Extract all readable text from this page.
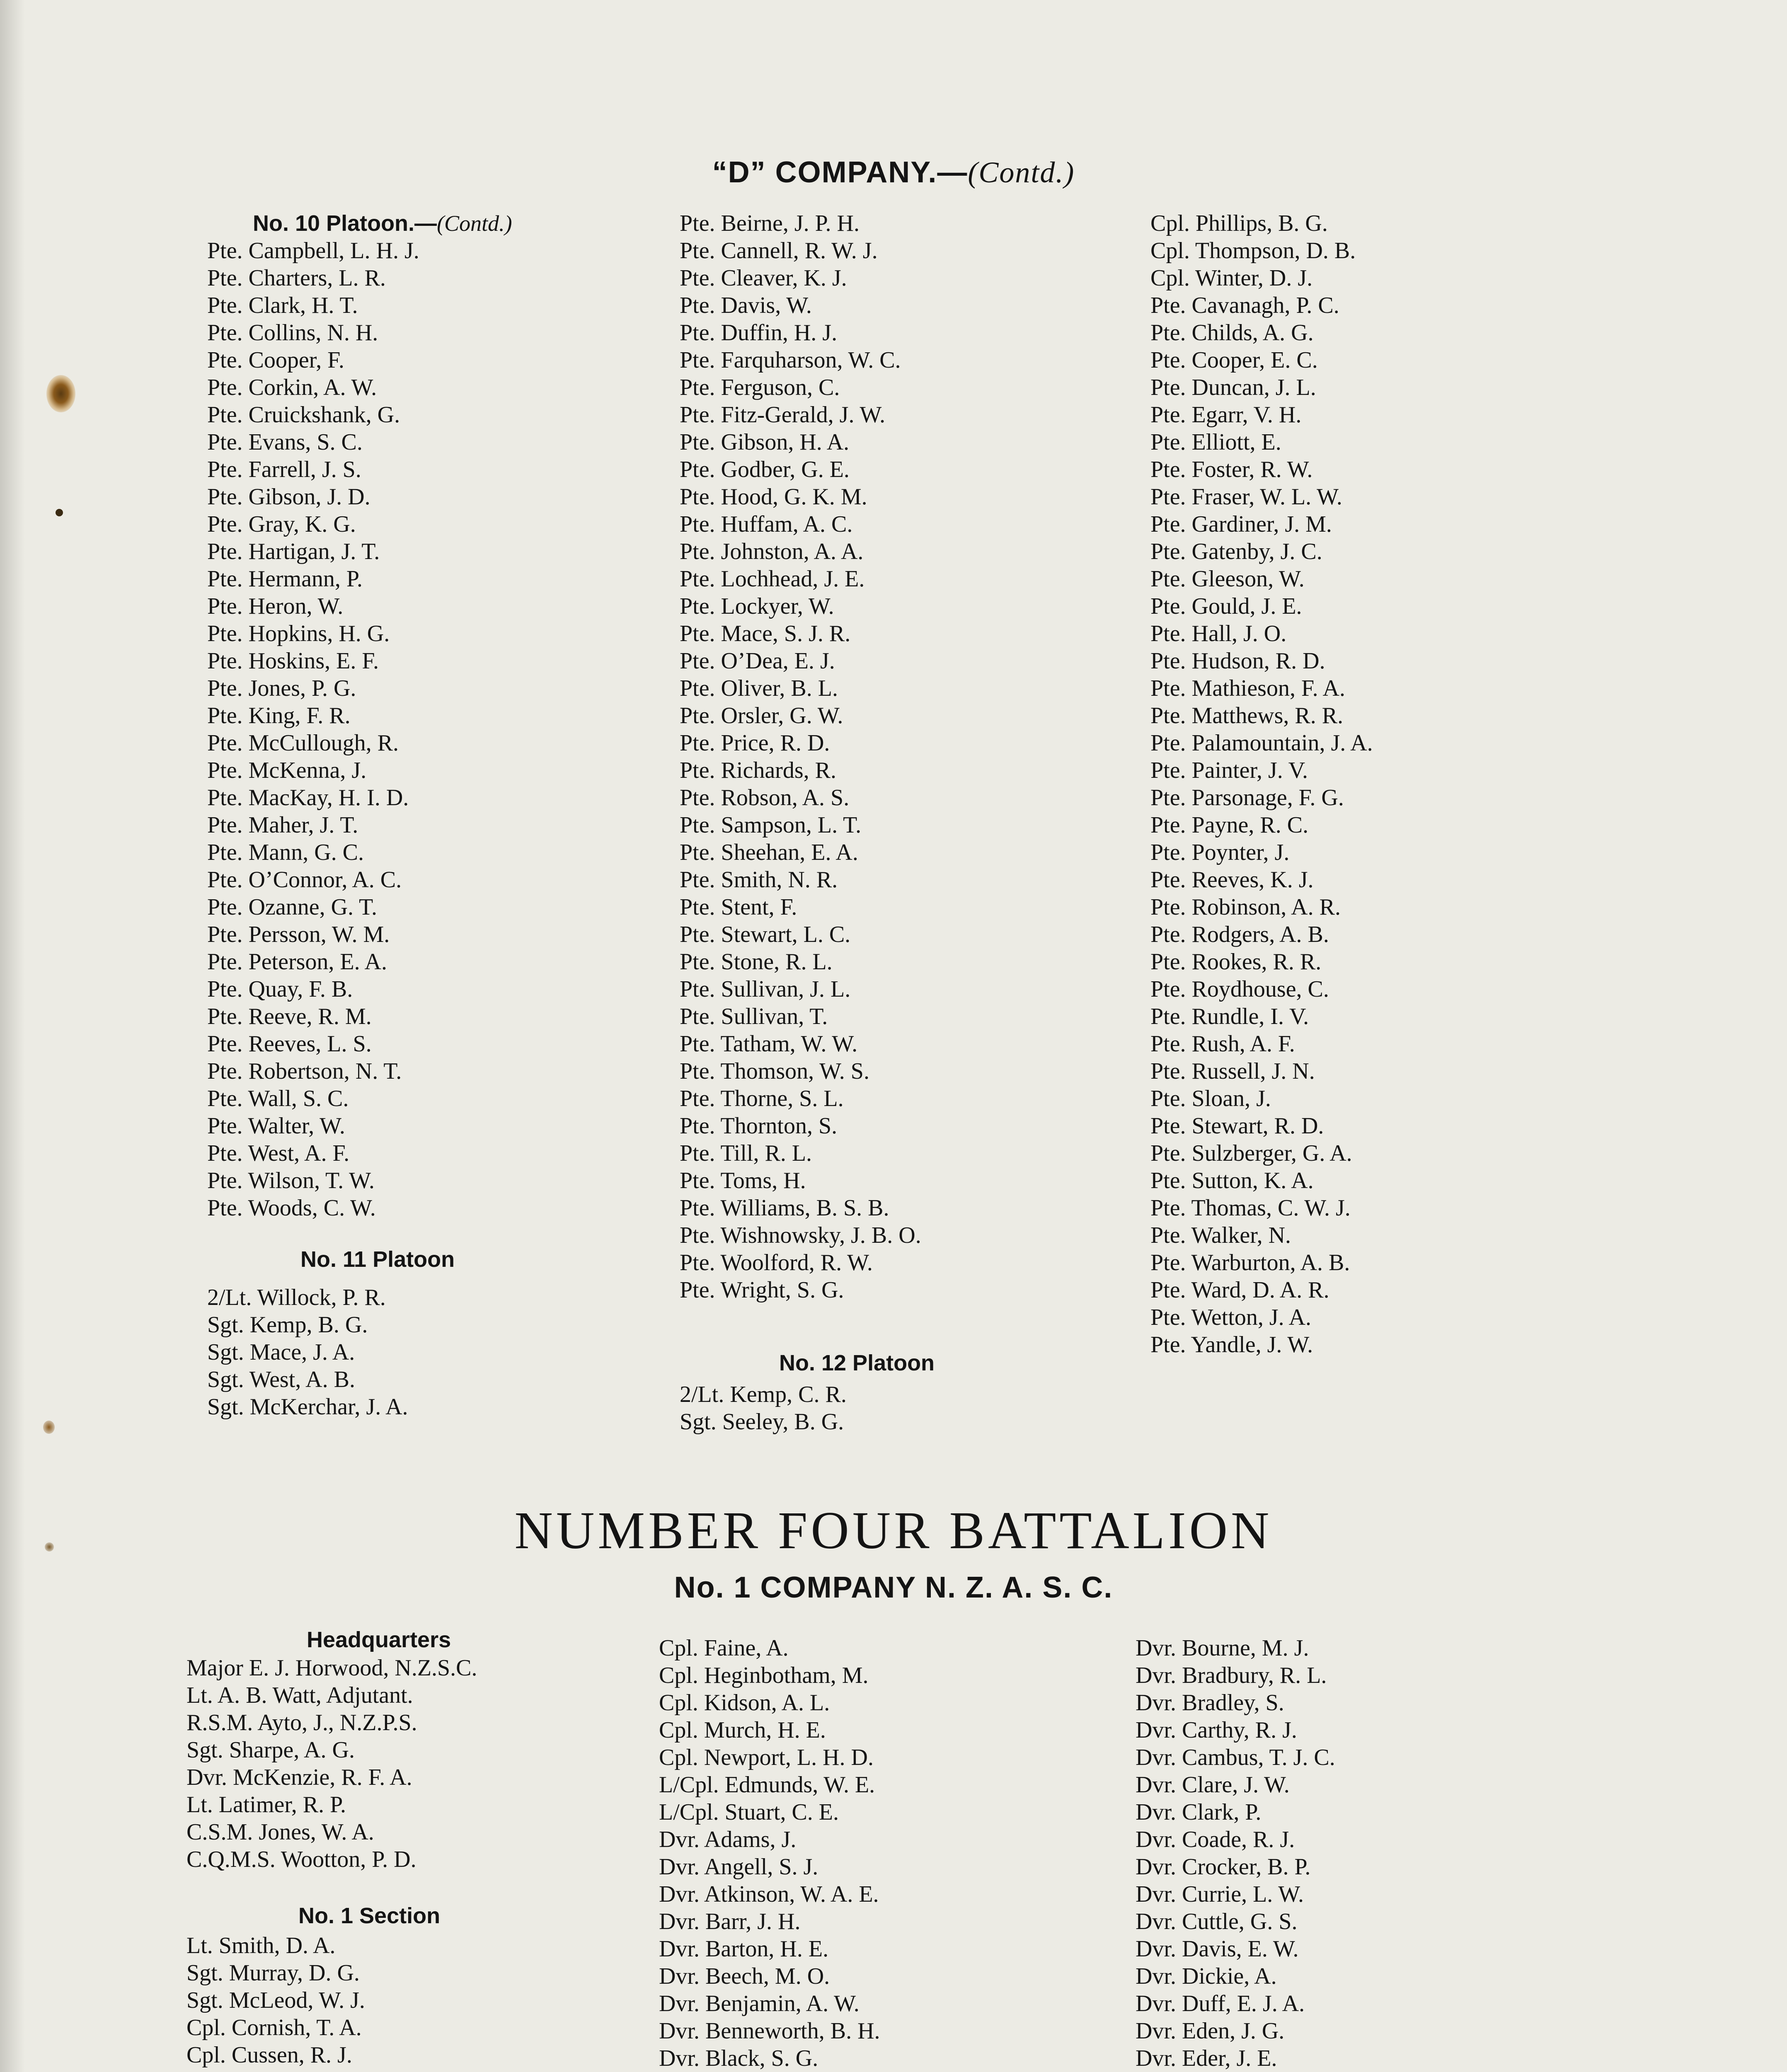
“D” COMPANY.—(Contd.)
No. 10 Platoon.—(Contd.)
Pte. Campbell, L. H. J.
Pte. Charters, L. R.
Pte. Clark, H. T.
Pte. Collins, N. H.
Pte. Cooper, F.
Pte. Corkin, A. W.
Pte. Cruickshank, G.
Pte. Evans, S. C.
Pte. Farrell, J. S.
Pte. Gibson, J. D.
Pte. Gray, K. G.
Pte. Hartigan, J. T.
Pte. Hermann, P.
Pte. Heron, W.
Pte. Hopkins, H. G.
Pte. Hoskins, E. F.
Pte. Jones, P. G.
Pte. King, F. R.
Pte. McCullough, R.
Pte. McKenna, J.
Pte. MacKay, H. I. D.
Pte. Maher, J. T.
Pte. Mann, G. C.
Pte. O’Connor, A. C.
Pte. Ozanne, G. T.
Pte. Persson, W. M.
Pte. Peterson, E. A.
Pte. Quay, F. B.
Pte. Reeve, R. M.
Pte. Reeves, L. S.
Pte. Robertson, N. T.
Pte. Wall, S. C.
Pte. Walter, W.
Pte. West, A. F.
Pte. Wilson, T. W.
Pte. Woods, C. W.
No. 11 Platoon
2/Lt. Willock, P. R.
Sgt. Kemp, B. G.
Sgt. Mace, J. A.
Sgt. West, A. B.
Sgt. McKerchar, J. A.
Pte. Beirne, J. P. H.
Pte. Cannell, R. W. J.
Pte. Cleaver, K. J.
Pte. Davis, W.
Pte. Duffin, H. J.
Pte. Farquharson, W. C.
Pte. Ferguson, C.
Pte. Fitz-Gerald, J. W.
Pte. Gibson, H. A.
Pte. Godber, G. E.
Pte. Hood, G. K. M.
Pte. Huffam, A. C.
Pte. Johnston, A. A.
Pte. Lochhead, J. E.
Pte. Lockyer, W.
Pte. Mace, S. J. R.
Pte. O’Dea, E. J.
Pte. Oliver, B. L.
Pte. Orsler, G. W.
Pte. Price, R. D.
Pte. Richards, R.
Pte. Robson, A. S.
Pte. Sampson, L. T.
Pte. Sheehan, E. A.
Pte. Smith, N. R.
Pte. Stent, F.
Pte. Stewart, L. C.
Pte. Stone, R. L.
Pte. Sullivan, J. L.
Pte. Sullivan, T.
Pte. Tatham, W. W.
Pte. Thomson, W. S.
Pte. Thorne, S. L.
Pte. Thornton, S.
Pte. Till, R. L.
Pte. Toms, H.
Pte. Williams, B. S. B.
Pte. Wishnowsky, J. B. O.
Pte. Woolford, R. W.
Pte. Wright, S. G.
No. 12 Platoon
2/Lt. Kemp, C. R.
Sgt. Seeley, B. G.
Cpl. Phillips, B. G.
Cpl. Thompson, D. B.
Cpl. Winter, D. J.
Pte. Cavanagh, P. C.
Pte. Childs, A. G.
Pte. Cooper, E. C.
Pte. Duncan, J. L.
Pte. Egarr, V. H.
Pte. Elliott, E.
Pte. Foster, R. W.
Pte. Fraser, W. L. W.
Pte. Gardiner, J. M.
Pte. Gatenby, J. C.
Pte. Gleeson, W.
Pte. Gould, J. E.
Pte. Hall, J. O.
Pte. Hudson, R. D.
Pte. Mathieson, F. A.
Pte. Matthews, R. R.
Pte. Palamountain, J. A.
Pte. Painter, J. V.
Pte. Parsonage, F. G.
Pte. Payne, R. C.
Pte. Poynter, J.
Pte. Reeves, K. J.
Pte. Robinson, A. R.
Pte. Rodgers, A. B.
Pte. Rookes, R. R.
Pte. Roydhouse, C.
Pte. Rundle, I. V.
Pte. Rush, A. F.
Pte. Russell, J. N.
Pte. Sloan, J.
Pte. Stewart, R. D.
Pte. Sulzberger, G. A.
Pte. Sutton, K. A.
Pte. Thomas, C. W. J.
Pte. Walker, N.
Pte. Warburton, A. B.
Pte. Ward, D. A. R.
Pte. Wetton, J. A.
Pte. Yandle, J. W.
NUMBER FOUR BATTALION
No. 1 COMPANY N. Z. A. S. C.
Headquarters
Major E. J. Horwood, N.Z.S.C.
Lt. A. B. Watt, Adjutant.
R.S.M. Ayto, J., N.Z.P.S.
Sgt. Sharpe, A. G.
Dvr. McKenzie, R. F. A.
Lt. Latimer, R. P.
C.S.M. Jones, W. A.
C.Q.M.S. Wootton, P. D.
No. 1 Section
Lt. Smith, D. A.
Sgt. Murray, D. G.
Sgt. McLeod, W. J.
Cpl. Cornish, T. A.
Cpl. Cussen, R. J.
Cpl. Faine, A.
Cpl. Heginbotham, M.
Cpl. Kidson, A. L.
Cpl. Murch, H. E.
Cpl. Newport, L. H. D.
L/Cpl. Edmunds, W. E.
L/Cpl. Stuart, C. E.
Dvr. Adams, J.
Dvr. Angell, S. J.
Dvr. Atkinson, W. A. E.
Dvr. Barr, J. H.
Dvr. Barton, H. E.
Dvr. Beech, M. O.
Dvr. Benjamin, A. W.
Dvr. Benneworth, B. H.
Dvr. Black, S. G.
Dvr. Bourne, M. J.
Dvr. Bradbury, R. L.
Dvr. Bradley, S.
Dvr. Carthy, R. J.
Dvr. Cambus, T. J. C.
Dvr. Clare, J. W.
Dvr. Clark, P.
Dvr. Coade, R. J.
Dvr. Crocker, B. P.
Dvr. Currie, L. W.
Dvr. Cuttle, G. S.
Dvr. Davis, E. W.
Dvr. Dickie, A.
Dvr. Duff, E. J. A.
Dvr. Eden, J. G.
Dvr. Eder, J. E.
